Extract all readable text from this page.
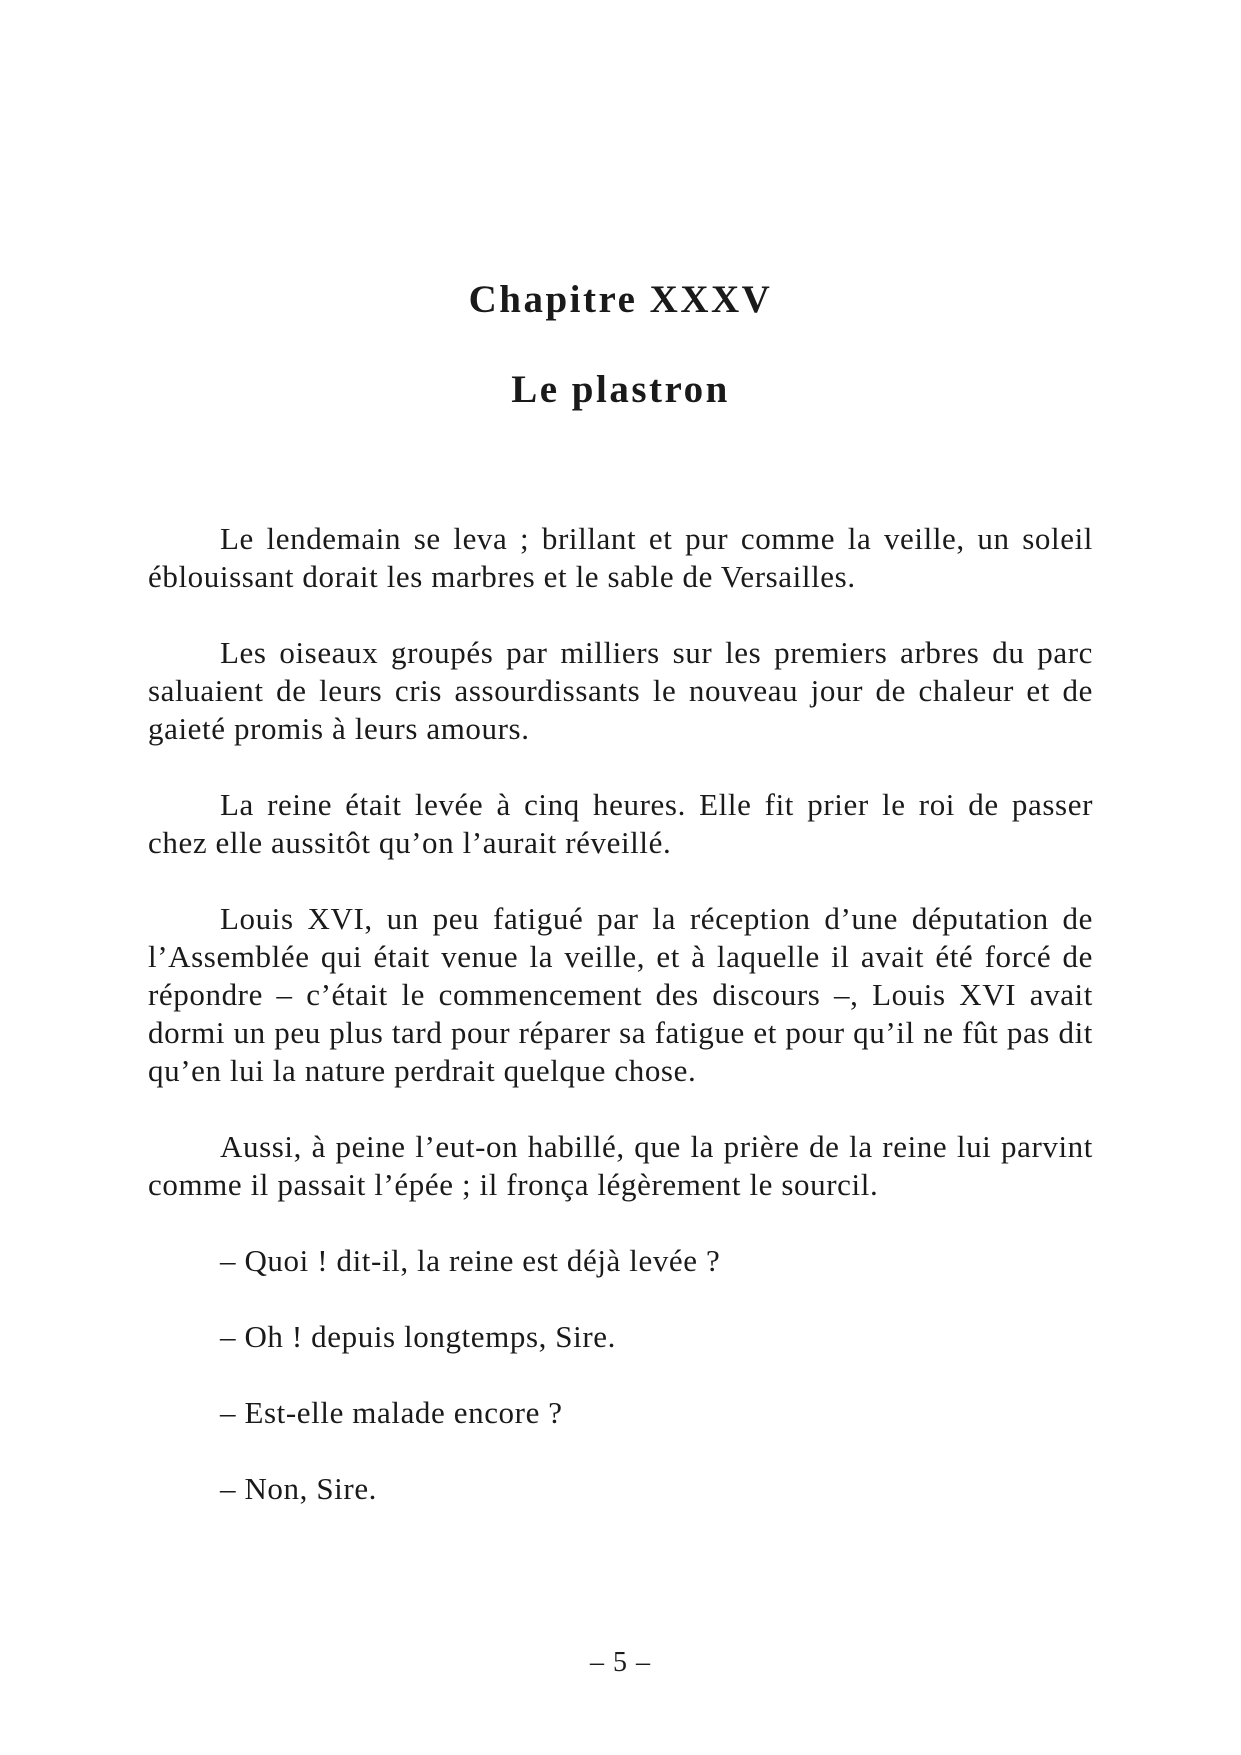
Chapitre XXXV
Le plastron

Le lendemain se leva ; brillant et pur comme la veille, un soleil éblouissant dorait les marbres et le sable de Versailles.

Les oiseaux groupés par milliers sur les premiers arbres du parc saluaient de leurs cris assourdissants le nouveau jour de chaleur et de gaieté promis à leurs amours.

La reine était levée à cinq heures. Elle fit prier le roi de passer chez elle aussitôt qu’on l’aurait réveillé.

Louis XVI, un peu fatigué par la réception d’une députation de l’Assemblée qui était venue la veille, et à laquelle il avait été forcé de répondre – c’était le commencement des discours –, Louis XVI avait dormi un peu plus tard pour réparer sa fatigue et pour qu’il ne fût pas dit qu’en lui la nature perdrait quelque chose.

Aussi, à peine l’eut-on habillé, que la prière de la reine lui parvint comme il passait l’épée ; il fronça légèrement le sourcil.

– Quoi ! dit-il, la reine est déjà levée ?

– Oh ! depuis longtemps, Sire.

– Est-elle malade encore ?

– Non, Sire.

– 5 –
